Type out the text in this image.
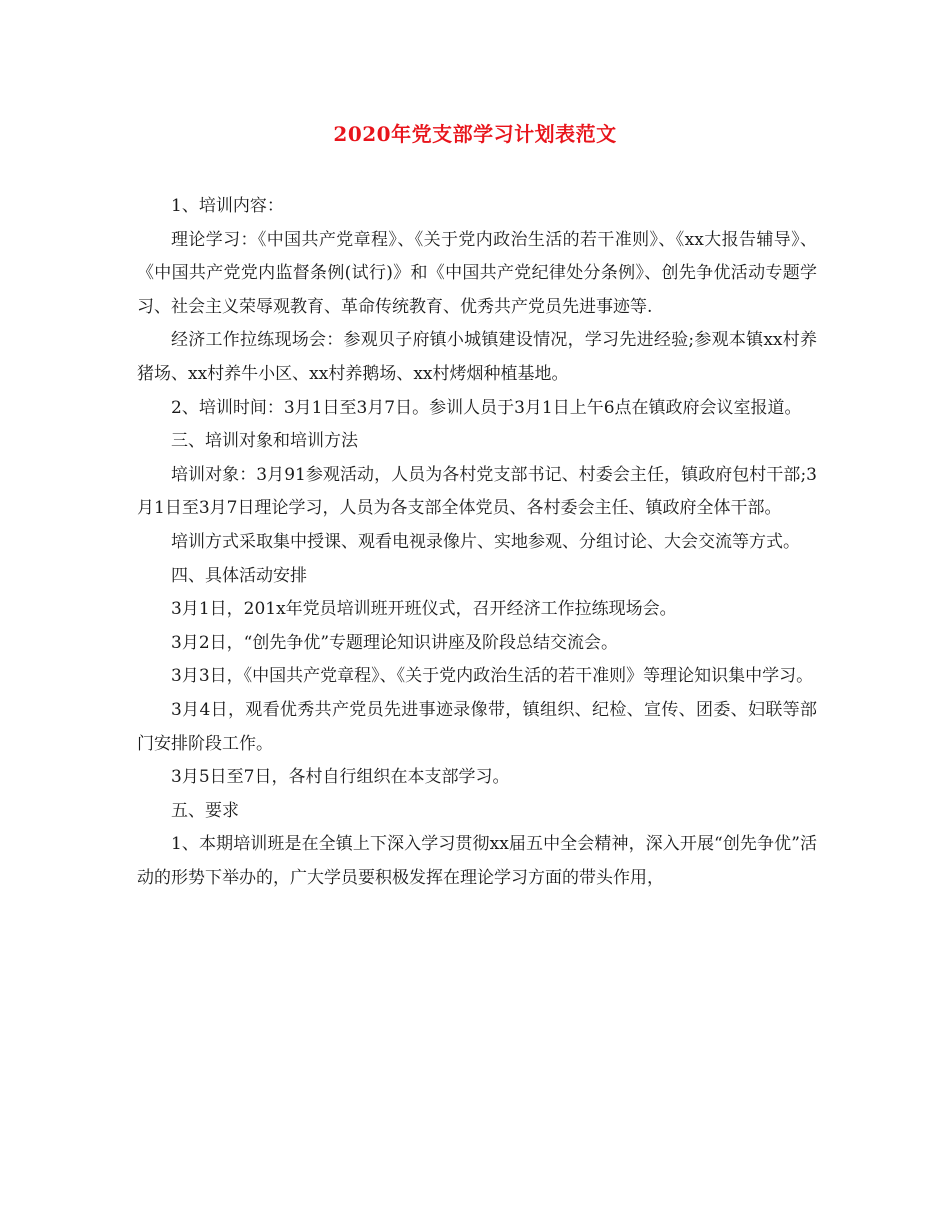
2020年党支部学习计划表范文

1、培训内容：

理论学习：《中国共产党章程》、《关于党内政治生活的若干准则》、《xx大报告辅导》、《中国共产党党内监督条例(试行)》和《中国共产党纪律处分条例》、创先争优活动专题学习、社会主义荣辱观教育、革命传统教育、优秀共产党员先进事迹等.

经济工作拉练现场会：参观贝子府镇小城镇建设情况，学习先进经验;参观本镇xx村养猪场、xx村养牛小区、xx村养鹅场、xx村烤烟种植基地。

2、培训时间：3月1日至3月7日。参训人员于3月1日上午6点在镇政府会议室报道。

三、培训对象和培训方法

培训对象：3月91参观活动，人员为各村党支部书记、村委会主任，镇政府包村干部;3月1日至3月7日理论学习，人员为各支部全体党员、各村委会主任、镇政府全体干部。

培训方式采取集中授课、观看电视录像片、实地参观、分组讨论、大会交流等方式。

四、具体活动安排

3月1日，201x年党员培训班开班仪式，召开经济工作拉练现场会。

3月2日，“创先争优”专题理论知识讲座及阶段总结交流会。

3月3日，《中国共产党章程》、《关于党内政治生活的若干准则》等理论知识集中学习。

3月4日，观看优秀共产党员先进事迹录像带，镇组织、纪检、宣传、团委、妇联等部门安排阶段工作。

3月5日至7日，各村自行组织在本支部学习。

五、要求

1、本期培训班是在全镇上下深入学习贯彻xx届五中全会精神，深入开展“创先争优”活动的形势下举办的，广大学员要积极发挥在理论学习方面的带头作用，
